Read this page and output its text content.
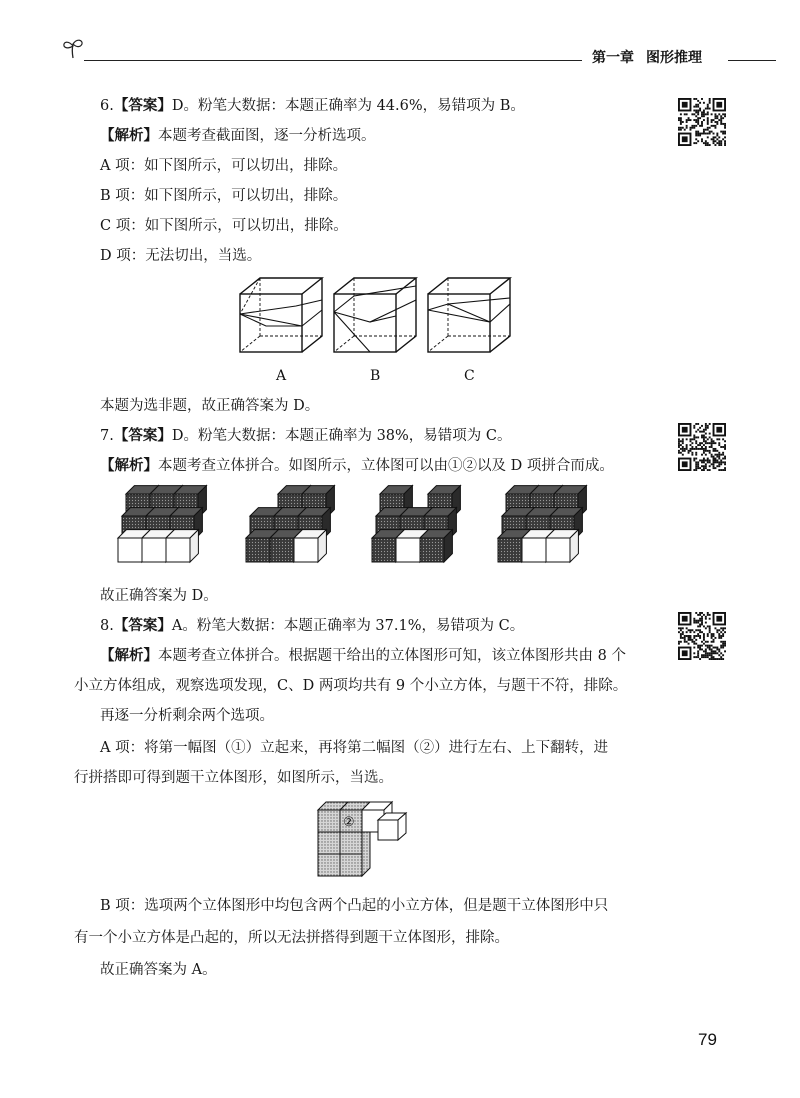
第一章 图形推理
6.【答案】D。粉笔大数据：本题正确率为 44.6%，易错项为 B。
【解析】本题考查截面图，逐一分析选项。
A 项：如下图所示，可以切出，排除。
B 项：如下图所示，可以切出，排除。
C 项：如下图所示，可以切出，排除。
D 项：无法切出，当选。
A	B	C
本题为选非题，故正确答案为 D。
7.【答案】D。粉笔大数据：本题正确率为 38%，易错项为 C。
【解析】本题考查立体拼合。如图所示，立体图可以由①②以及 D 项拼合而成。
故正确答案为 D。
8.【答案】A。粉笔大数据：本题正确率为 37.1%，易错项为 C。
【解析】本题考查立体拼合。根据题干给出的立体图形可知，该立体图形共由 8 个
小立方体组成，观察选项发现，C、D 两项均共有 9 个小立方体，与题干不符，排除。
再逐一分析剩余两个选项。
A 项：将第一幅图（①）立起来，再将第二幅图（②）进行左右、上下翻转，进
行拼搭即可得到题干立体图形，如图所示，当选。
②
B 项：选项两个立体图形中均包含两个凸起的小立方体，但是题干立体图形中只
有一个小立方体是凸起的，所以无法拼搭得到题干立体图形，排除。
故正确答案为 A。
79
